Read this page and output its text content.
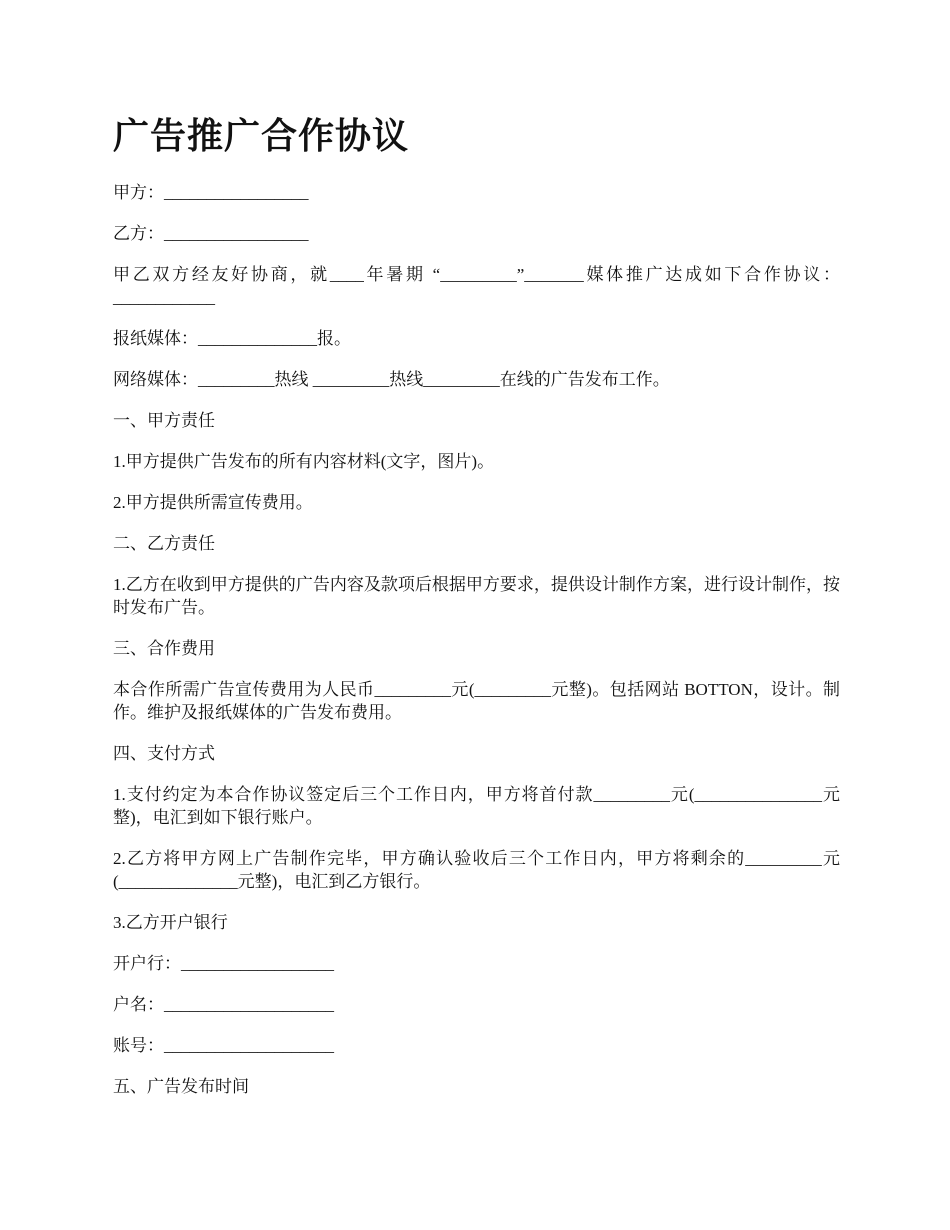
广告推广合作协议

甲方：_________________

乙方：_________________

甲乙双方经友好协商，就____年暑期 “_________”_______媒体推广达成如下合作协议：____________

报纸媒体：______________报。

网络媒体：_________热线 _________热线_________在线的广告发布工作。

一、甲方责任

1.甲方提供广告发布的所有内容材料(文字，图片)。

2.甲方提供所需宣传费用。

二、乙方责任

1.乙方在收到甲方提供的广告内容及款项后根据甲方要求，提供设计制作方案，进行设计制作，按时发布广告。

三、合作费用

本合作所需广告宣传费用为人民币_________元(_________元整)。包括网站 BOTTON，设计。制作。维护及报纸媒体的广告发布费用。

四、支付方式

1.支付约定为本合作协议签定后三个工作日内，甲方将首付款_________元(_______________元整)，电汇到如下银行账户。

2.乙方将甲方网上广告制作完毕，甲方确认验收后三个工作日内，甲方将剩余的_________元(______________元整)，电汇到乙方银行。

3.乙方开户银行

开户行：__________________

户名：____________________

账号：____________________

五、广告发布时间
